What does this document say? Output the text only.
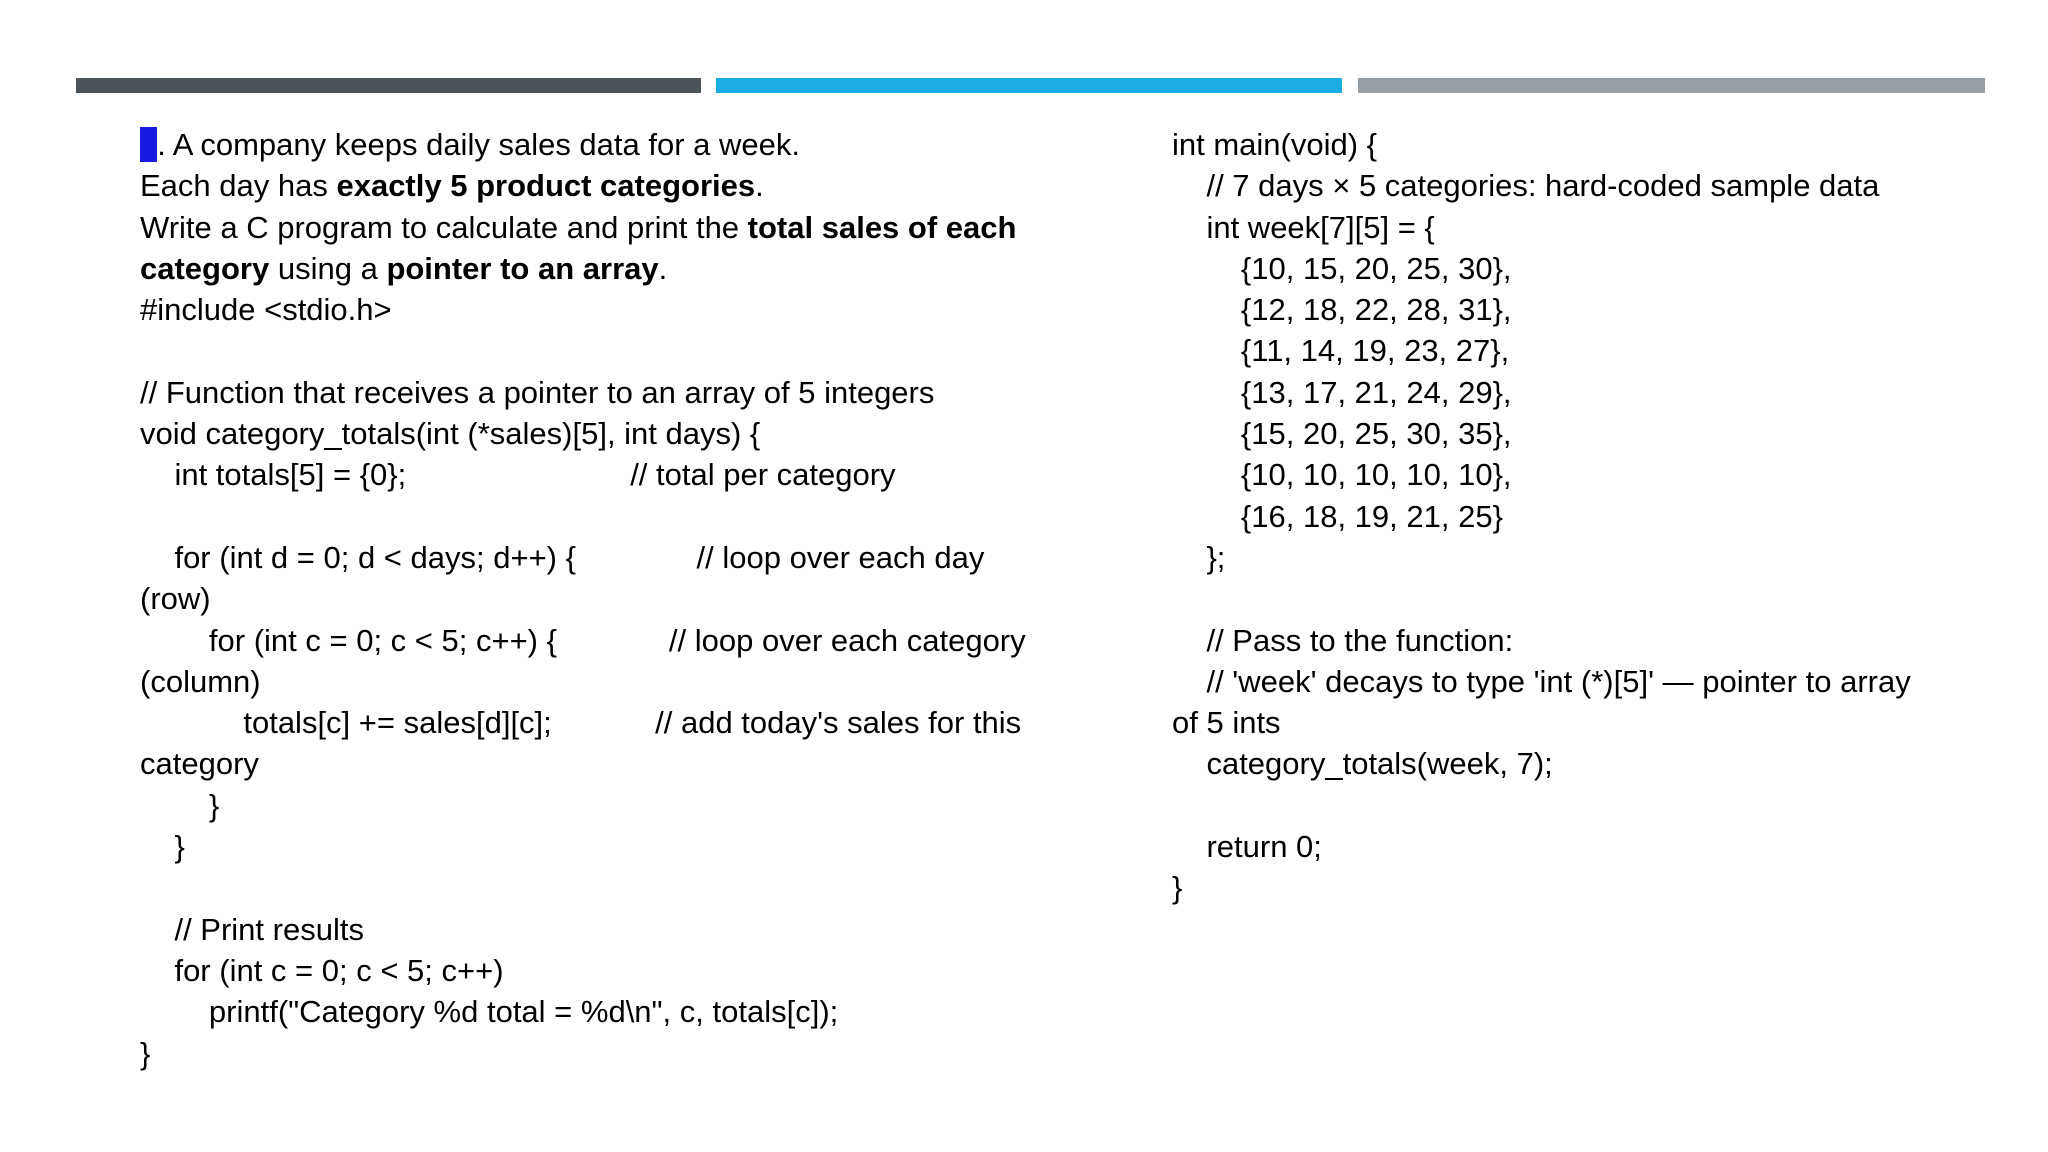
4. A company keeps daily sales data for a week.
Each day has exactly 5 product categories.
Write a C program to calculate and print the total sales of each
category using a pointer to an array.
#include <stdio.h>
// Function that receives a pointer to an array of 5 integers
void category_totals(int (*sales)[5], int days) {
int totals[5] = {0};                          // total per category
for (int d = 0; d < days; d++) {              // loop over each day
(row)
for (int c = 0; c < 5; c++) {             // loop over each category
(column)
totals[c] += sales[d][c];            // add today's sales for this
category
}
}
// Print results
for (int c = 0; c < 5; c++)
printf("Category %d total = %d\n", c, totals[c]);
}
int main(void) {
// 7 days × 5 categories: hard-coded sample data
int week[7][5] = {
{10, 15, 20, 25, 30},
{12, 18, 22, 28, 31},
{11, 14, 19, 23, 27},
{13, 17, 21, 24, 29},
{15, 20, 25, 30, 35},
{10, 10, 10, 10, 10},
{16, 18, 19, 21, 25}
};
// Pass to the function:
// 'week' decays to type 'int (*)[5]' — pointer to array
of 5 ints
category_totals(week, 7);
return 0;
}
